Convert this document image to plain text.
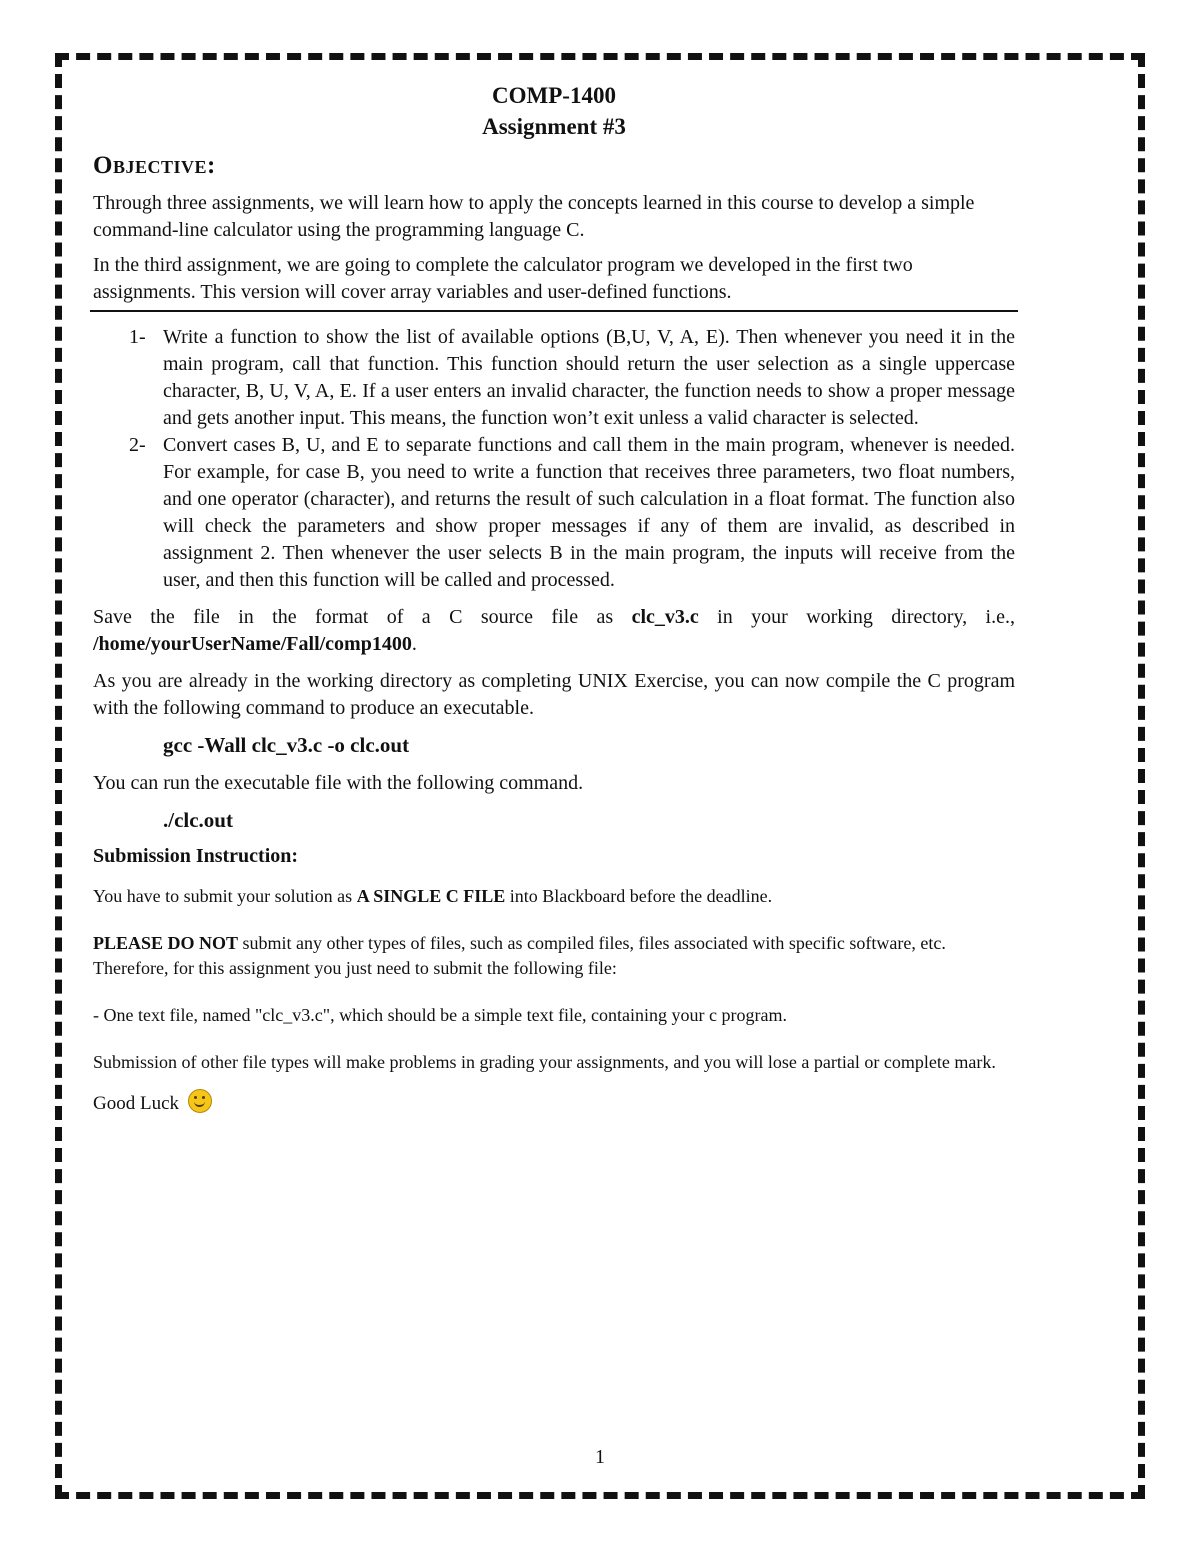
COMP-1400
Assignment #3
Objective:

Through three assignments, we will learn how to apply the concepts learned in this course to develop a simple command-line calculator using the programming language C.

In the third assignment, we are going to complete the calculator program we developed in the first two assignments. This version will cover array variables and user-defined functions.

1- Write a function to show the list of available options (B,U, V, A, E). Then whenever you need it in the main program, call that function. This function should return the user selection as a single uppercase character, B, U, V, A, E. If a user enters an invalid character, the function needs to show a proper message and gets another input. This means, the function won’t exit unless a valid character is selected.
2- Convert cases B, U, and E to separate functions and call them in the main program, whenever is needed. For example, for case B, you need to write a function that receives three parameters, two float numbers, and one operator (character), and returns the result of such calculation in a float format. The function also will check the parameters and show proper messages if any of them are invalid, as described in assignment 2. Then whenever the user selects B in the main program, the inputs will receive from the user, and then this function will be called and processed.

Save the file in the format of a C source file as clc_v3.c in your working directory, i.e., /home/yourUserName/Fall/comp1400.

As you are already in the working directory as completing UNIX Exercise, you can now compile the C program with the following command to produce an executable.

gcc -Wall clc_v3.c -o clc.out

You can run the executable file with the following command.

./clc.out
Submission Instruction:

You have to submit your solution as A SINGLE C FILE into Blackboard before the deadline.

PLEASE DO NOT submit any other types of files, such as compiled files, files associated with specific software, etc. Therefore, for this assignment you just need to submit the following file:

- One text file, named "clc_v3.c", which should be a simple text file, containing your c program.

Submission of other file types will make problems in grading your assignments, and you will lose a partial or complete mark.

Good Luck

1
